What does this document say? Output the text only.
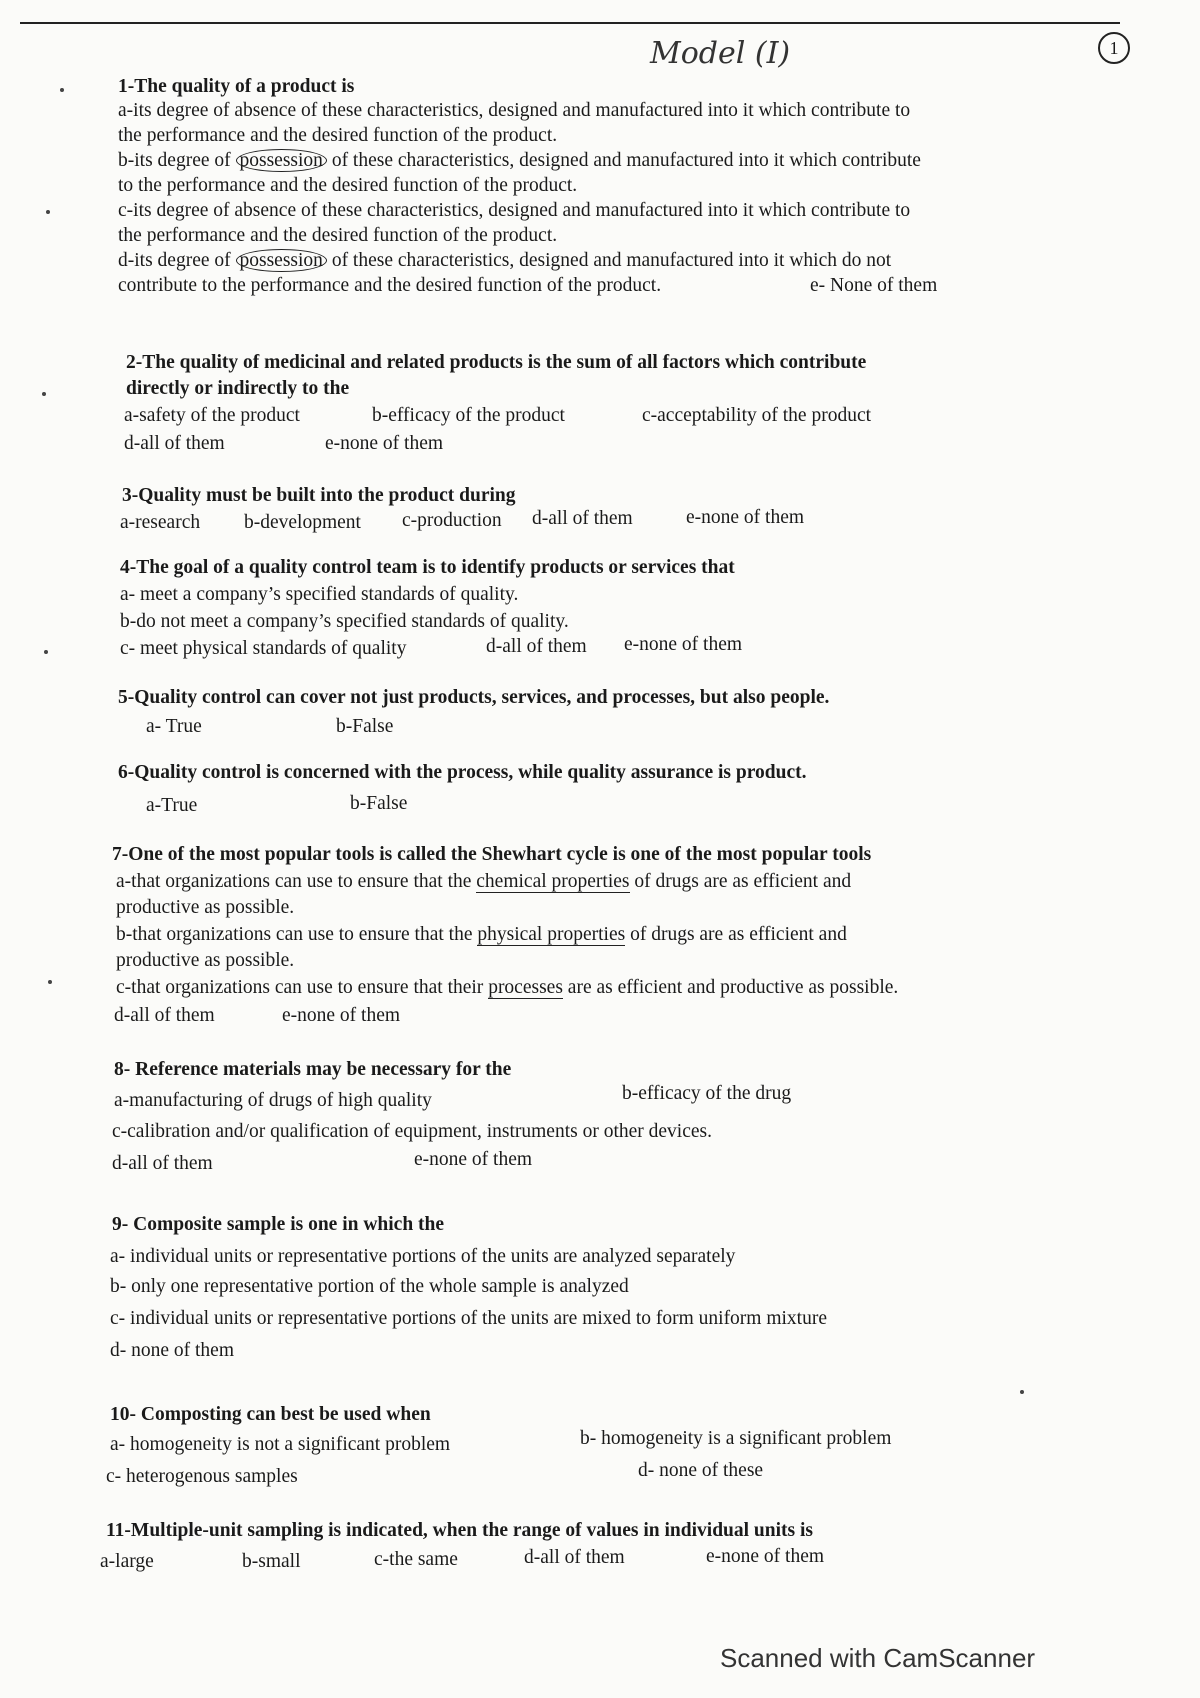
Model (I)	1
1-The quality of a product is
a-its degree of absence of these characteristics, designed and manufactured into it which contribute to
the performance and the desired function of the product.
b-its degree of possession of these characteristics, designed and manufactured into it which contribute
to the performance and the desired function of the product.
c-its degree of absence of these characteristics, designed and manufactured into it which contribute to
the performance and the desired function of the product.
d-its degree of possession of these characteristics, designed and manufactured into it which do not
contribute to the performance and the desired function of the product.	e- None of them
2-The quality of medicinal and related products is the sum of all factors which contribute
directly or indirectly to the
a-safety of the product	b-efficacy of the product	c-acceptability of the product
d-all of them	e-none of them
3-Quality must be built into the product during
a-research b-development c-production d-all of them	e-none of them
4-The goal of a quality control team is to identify products or services that
a- meet a company’s specified standards of quality.
b-do not meet a company’s specified standards of quality.
c- meet physical standards of quality	d-all of them e-none of them
5-Quality control can cover not just products, services, and processes, but also people.
a- True	b-False
6-Quality control is concerned with the process, while quality assurance is product.
a-True	b-False
7-One of the most popular tools is called the Shewhart cycle is one of the most popular tools
a-that organizations can use to ensure that the chemical properties of drugs are as efficient and
productive as possible.
b-that organizations can use to ensure that the physical properties of drugs are as efficient and
productive as possible.
c-that organizations can use to ensure that their processes are as efficient and productive as possible.
d-all of them	e-none of them
8- Reference materials may be necessary for the
a-manufacturing of drugs of high quality	b-efficacy of the drug
c-calibration and/or qualification of equipment, instruments or other devices.
d-all of them	e-none of them
9- Composite sample is one in which the
a- individual units or representative portions of the units are analyzed separately
b- only one representative portion of the whole sample is analyzed
c- individual units or representative portions of the units are mixed to form uniform mixture
d- none of them
10- Composting can best be used when
a- homogeneity is not a significant problem	b- homogeneity is a significant problem
c- heterogenous samples	d- none of these
11-Multiple-unit sampling is indicated, when the range of values in individual units is
a-large	b-small	c-the same	d-all of them	e-none of them
Scanned with CamScanner
